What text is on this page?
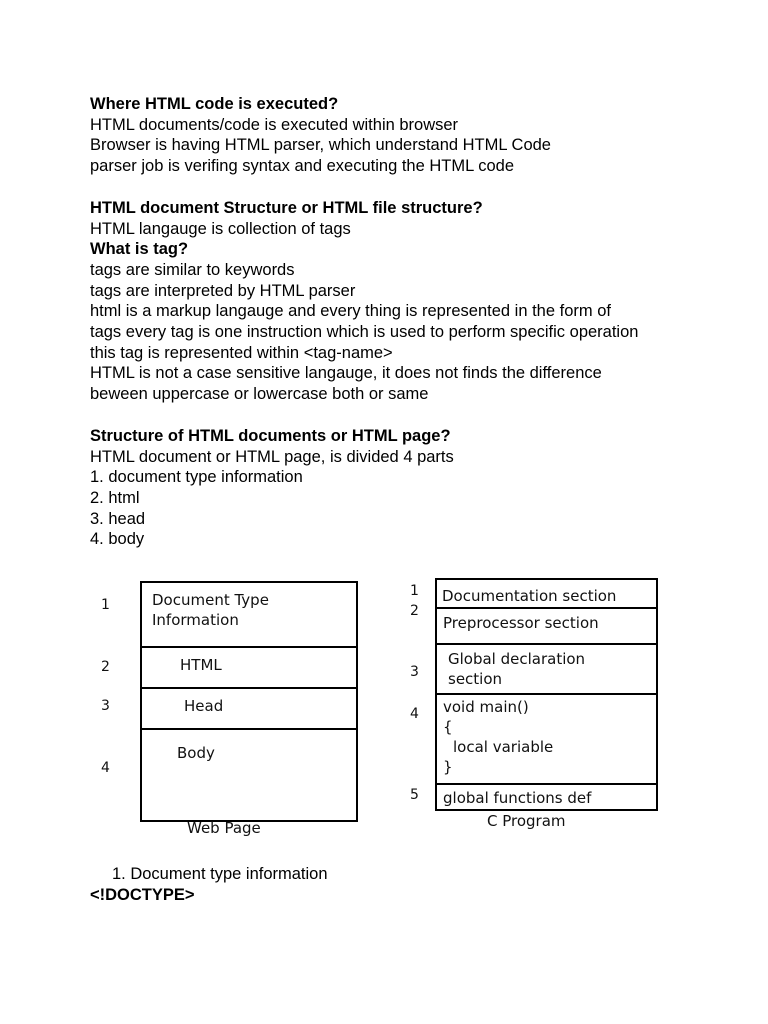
Where HTML code is executed?
HTML documents/code is executed within browser
Browser is having HTML parser, which understand HTML Code
parser job is verifing syntax and executing the HTML code
HTML document Structure or HTML file structure?
HTML langauge is collection of tags
What is tag?
tags are similar to keywords
tags are interpreted by HTML parser
html is a markup langauge and every thing is represented in the form of
tags every tag is one instruction which is used to perform specific operation
this tag is represented within <tag-name>
HTML is not a case sensitive langauge, it does not finds the difference
beween uppercase or lowercase both or same
Structure of HTML documents or HTML page?
HTML document or HTML page, is divided 4 parts
1. document type information
2. html
3. head
4. body
1
2
3
4
Document Type
Information
HTML
Head
Body
Web Page
1
2
3
4
5
Documentation section
Preprocessor section
Global declaration
section
void main()
{
local variable
}
global functions def
C Program
1. Document type information
<!DOCTYPE>
